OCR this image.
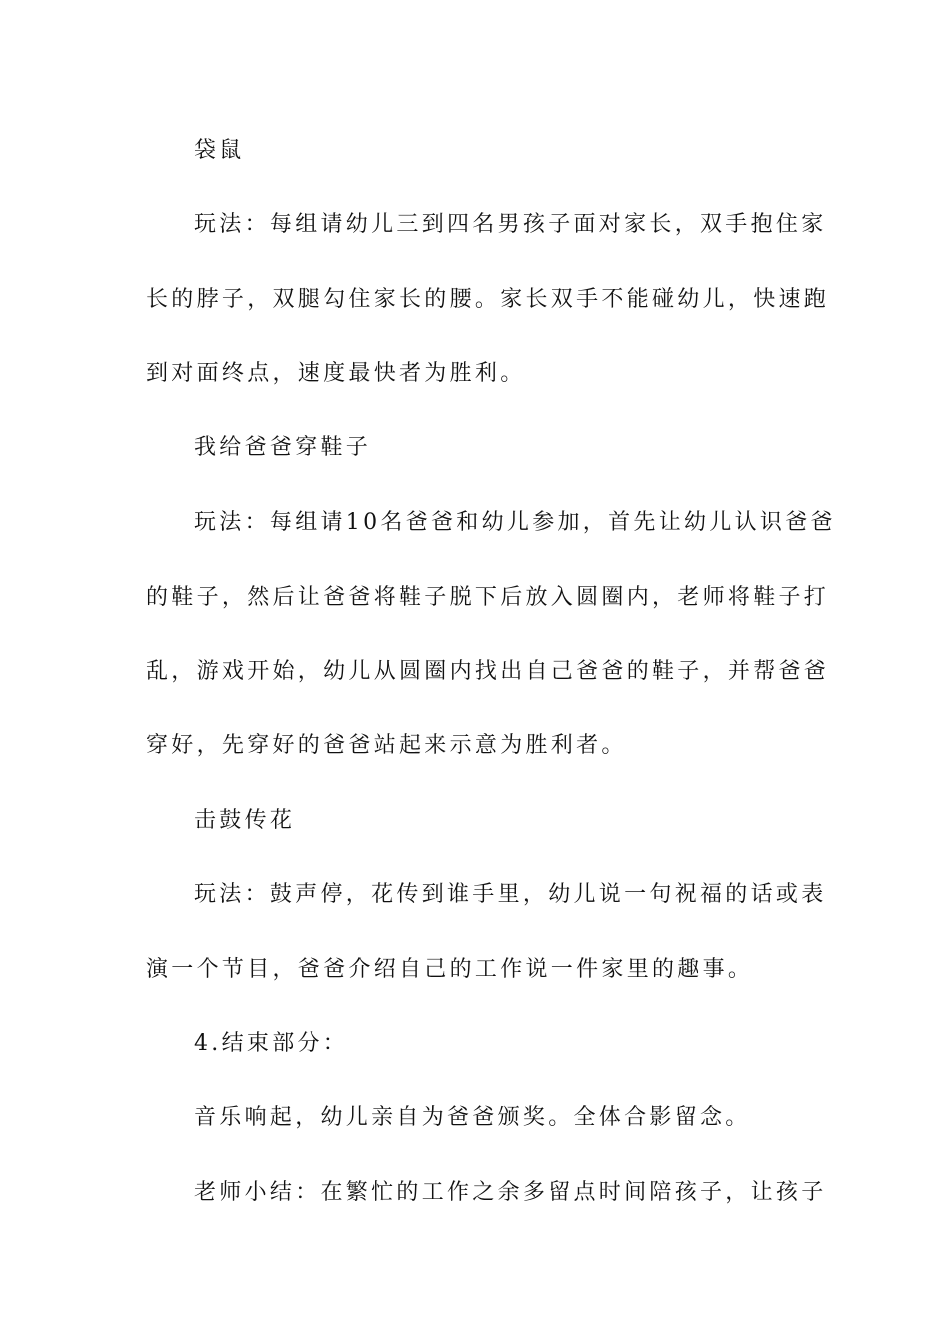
袋鼠
玩法：每组请幼儿三到四名男孩子面对家长，双手抱住家
长的脖子，双腿勾住家长的腰。家长双手不能碰幼儿，快速跑
到对面终点，速度最快者为胜利。
我给爸爸穿鞋子
玩法：每组请10名爸爸和幼儿参加，首先让幼儿认识爸爸
的鞋子，然后让爸爸将鞋子脱下后放入圆圈内，老师将鞋子打
乱，游戏开始，幼儿从圆圈内找出自己爸爸的鞋子，并帮爸爸
穿好，先穿好的爸爸站起来示意为胜利者。
击鼓传花
玩法：鼓声停，花传到谁手里，幼儿说一句祝福的话或表
演一个节目，爸爸介绍自己的工作说一件家里的趣事。
4.结束部分：
音乐响起，幼儿亲自为爸爸颁奖。全体合影留念。
老师小结：在繁忙的工作之余多留点时间陪孩子，让孩子
